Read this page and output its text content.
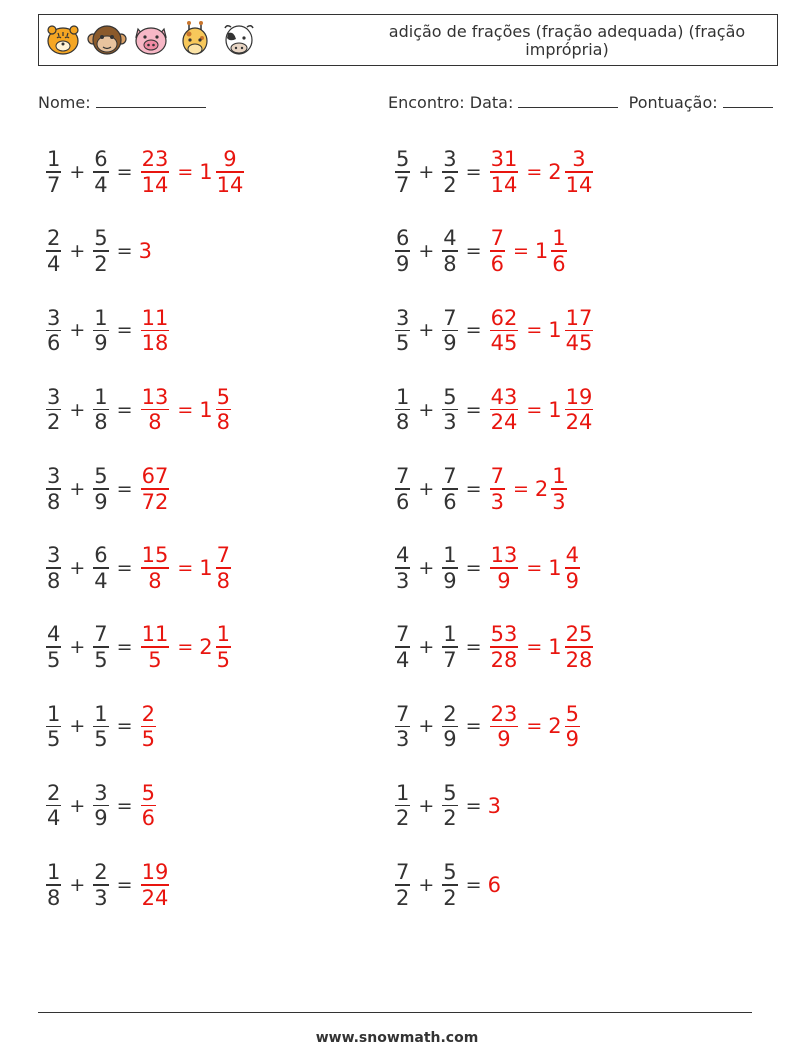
adição de frações (fração adequada) (fração imprópria)
Nome:	Encontro: Data:	Pontuação:
$\frac{1}{7} + \frac{6}{4} = \frac{23}{14} = 1 \frac{9}{14}$
$\frac{2}{4} + \frac{5}{2} = 3$
$\frac{3}{6} + \frac{1}{9} = \frac{11}{18}$
$\frac{3}{2} + \frac{1}{8} = \frac{13}{8} = 1 \frac{5}{8}$
$\frac{3}{8} + \frac{5}{9} = \frac{67}{72}$
$\frac{3}{8} + \frac{6}{4} = \frac{15}{8} = 1 \frac{7}{8}$
$\frac{4}{5} + \frac{7}{5} = \frac{11}{5} = 2 \frac{1}{5}$
$\frac{1}{5} + \frac{1}{5} = \frac{2}{5}$
$\frac{2}{4} + \frac{3}{9} = \frac{5}{6}$
$\frac{1}{8} + \frac{2}{3} = \frac{19}{24}$
$\frac{5}{7} + \frac{3}{2} = \frac{31}{14} = 2 \frac{3}{14}$
$\frac{6}{9} + \frac{4}{8} = \frac{7}{6} = 1 \frac{1}{6}$
$\frac{3}{5} + \frac{7}{9} = \frac{62}{45} = 1 \frac{17}{45}$
$\frac{1}{8} + \frac{5}{3} = \frac{43}{24} = 1 \frac{19}{24}$
$\frac{7}{6} + \frac{7}{6} = \frac{7}{3} = 2 \frac{1}{3}$
$\frac{4}{3} + \frac{1}{9} = \frac{13}{9} = 1 \frac{4}{9}$
$\frac{7}{4} + \frac{1}{7} = \frac{53}{28} = 1 \frac{25}{28}$
$\frac{7}{3} + \frac{2}{9} = \frac{23}{9} = 2 \frac{5}{9}$
$\frac{1}{2} + \frac{5}{2} = 3$
$\frac{7}{2} + \frac{5}{2} = 6$
www.snowmath.com
